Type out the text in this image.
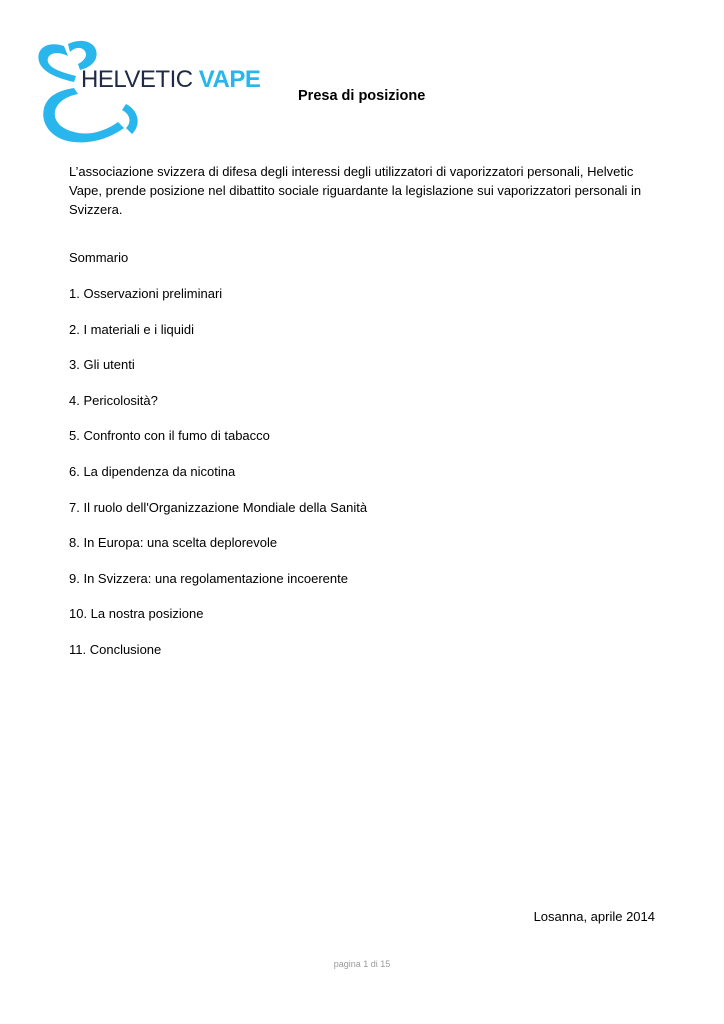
HELVETIC VAPE
Presa di posizione
L’associazione svizzera di difesa degli interessi degli utilizzatori di vaporizzatori personali, Helvetic Vape, prende posizione nel dibattito sociale riguardante la legislazione sui vaporizzatori personali in Svizzera.
Sommario
1. Osservazioni preliminari
2. I materiali e i liquidi
3. Gli utenti
4. Pericolosità?
5. Confronto con il fumo di tabacco
6. La dipendenza da nicotina
7. Il ruolo dell'Organizzazione Mondiale della Sanità
8. In Europa: una scelta deplorevole
9. In Svizzera: una regolamentazione incoerente
10. La nostra posizione
11. Conclusione
Losanna, aprile 2014
pagina 1 di 15
